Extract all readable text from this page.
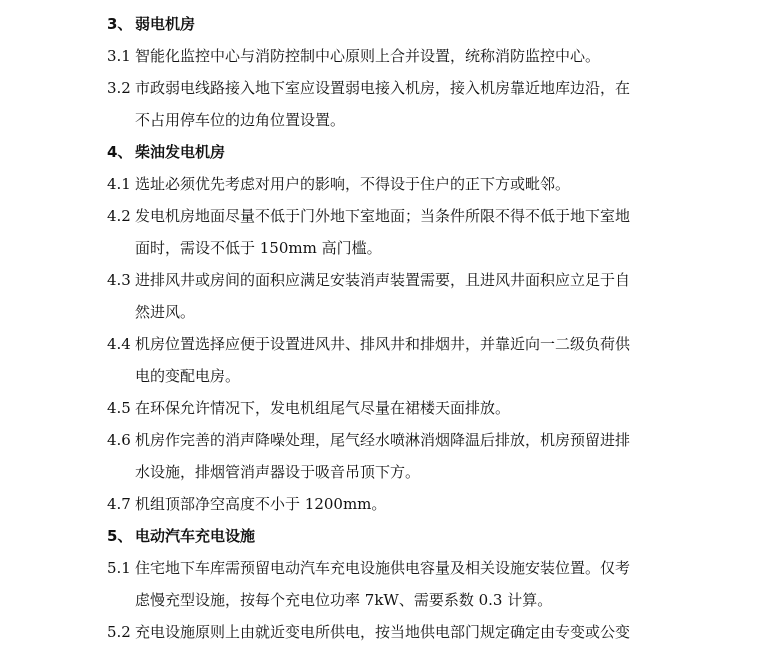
3、 弱电机房
3.1 智能化监控中心与消防控制中心原则上合并设置，统称消防监控中心。
3.2 市政弱电线路接入地下室应设置弱电接入机房，接入机房靠近地库边沿，在
不占用停车位的边角位置设置。
4、 柴油发电机房
4.1 选址必须优先考虑对用户的影响，不得设于住户的正下方或毗邻。
4.2 发电机房地面尽量不低于门外地下室地面；当条件所限不得不低于地下室地
面时，需设不低于 150mm 高门槛。
4.3 进排风井或房间的面积应满足安装消声装置需要，且进风井面积应立足于自
然进风。
4.4 机房位置选择应便于设置进风井、排风井和排烟井，并靠近向一二级负荷供
电的变配电房。
4.5 在环保允许情况下，发电机组尾气尽量在裙楼天面排放。
4.6 机房作完善的消声降噪处理，尾气经水喷淋消烟降温后排放，机房预留进排
水设施，排烟管消声器设于吸音吊顶下方。
4.7 机组顶部净空高度不小于 1200mm。
5、 电动汽车充电设施
5.1 住宅地下车库需预留电动汽车充电设施供电容量及相关设施安装位置。仅考
虑慢充型设施，按每个充电位功率 7kW、需要系数 0.3 计算。
5.2 充电设施原则上由就近变电所供电，按当地供电部门规定确定由专变或公变
